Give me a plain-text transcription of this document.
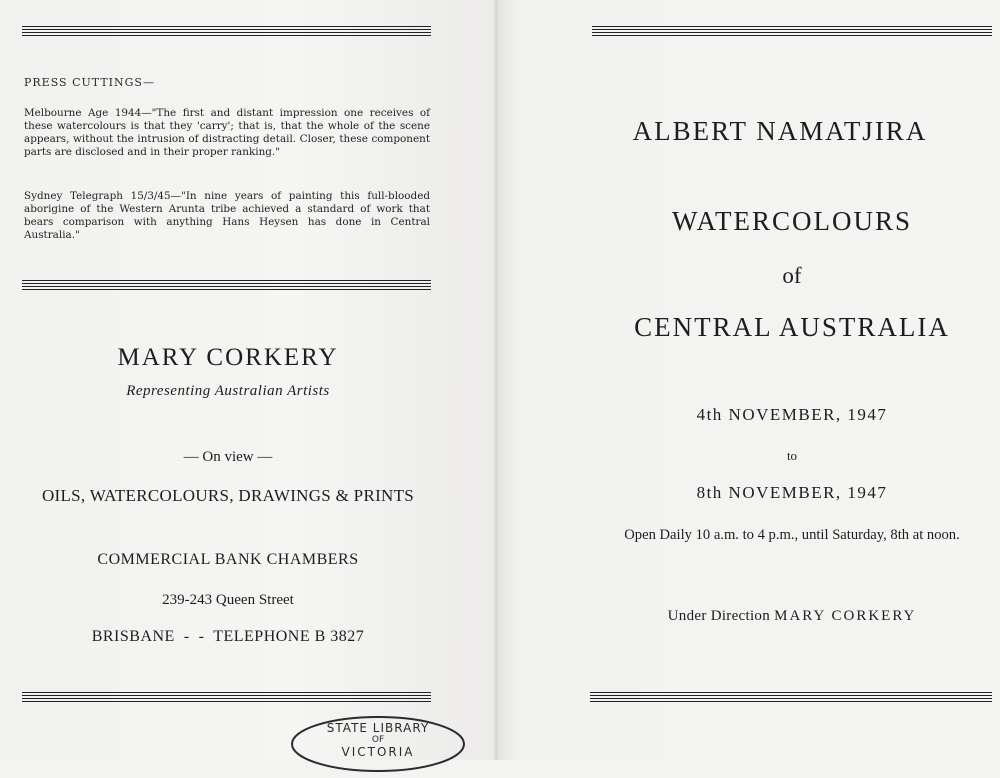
PRESS CUTTINGS—

Melbourne Age 1944—"The first and distant impression one receives of these watercolours is that they 'carry'; that is, that the whole of the scene appears, without the intrusion of distracting detail. Closer, these component parts are disclosed and in their proper ranking."

Sydney Telegraph 15/3/45—"In nine years of painting this full-blooded aborigine of the Western Arunta tribe achieved a standard of work that bears comparison with anything Hans Heysen has done in Central Australia."

MARY CORKERY
Representing Australian Artists
— On view —
OILS, WATERCOLOURS, DRAWINGS & PRINTS
COMMERCIAL BANK CHAMBERS
239-243 Queen Street
BRISBANE  -  -  TELEPHONE B 3827
STATE LIBRARY
OF
VICTORIA
ALBERT NAMATJIRA
WATERCOLOURS
of
CENTRAL AUSTRALIA
4th NOVEMBER, 1947
to
8th NOVEMBER, 1947
Open Daily 10 a.m. to 4 p.m., until Saturday, 8th at noon.
Under Direction MARY CORKERY
